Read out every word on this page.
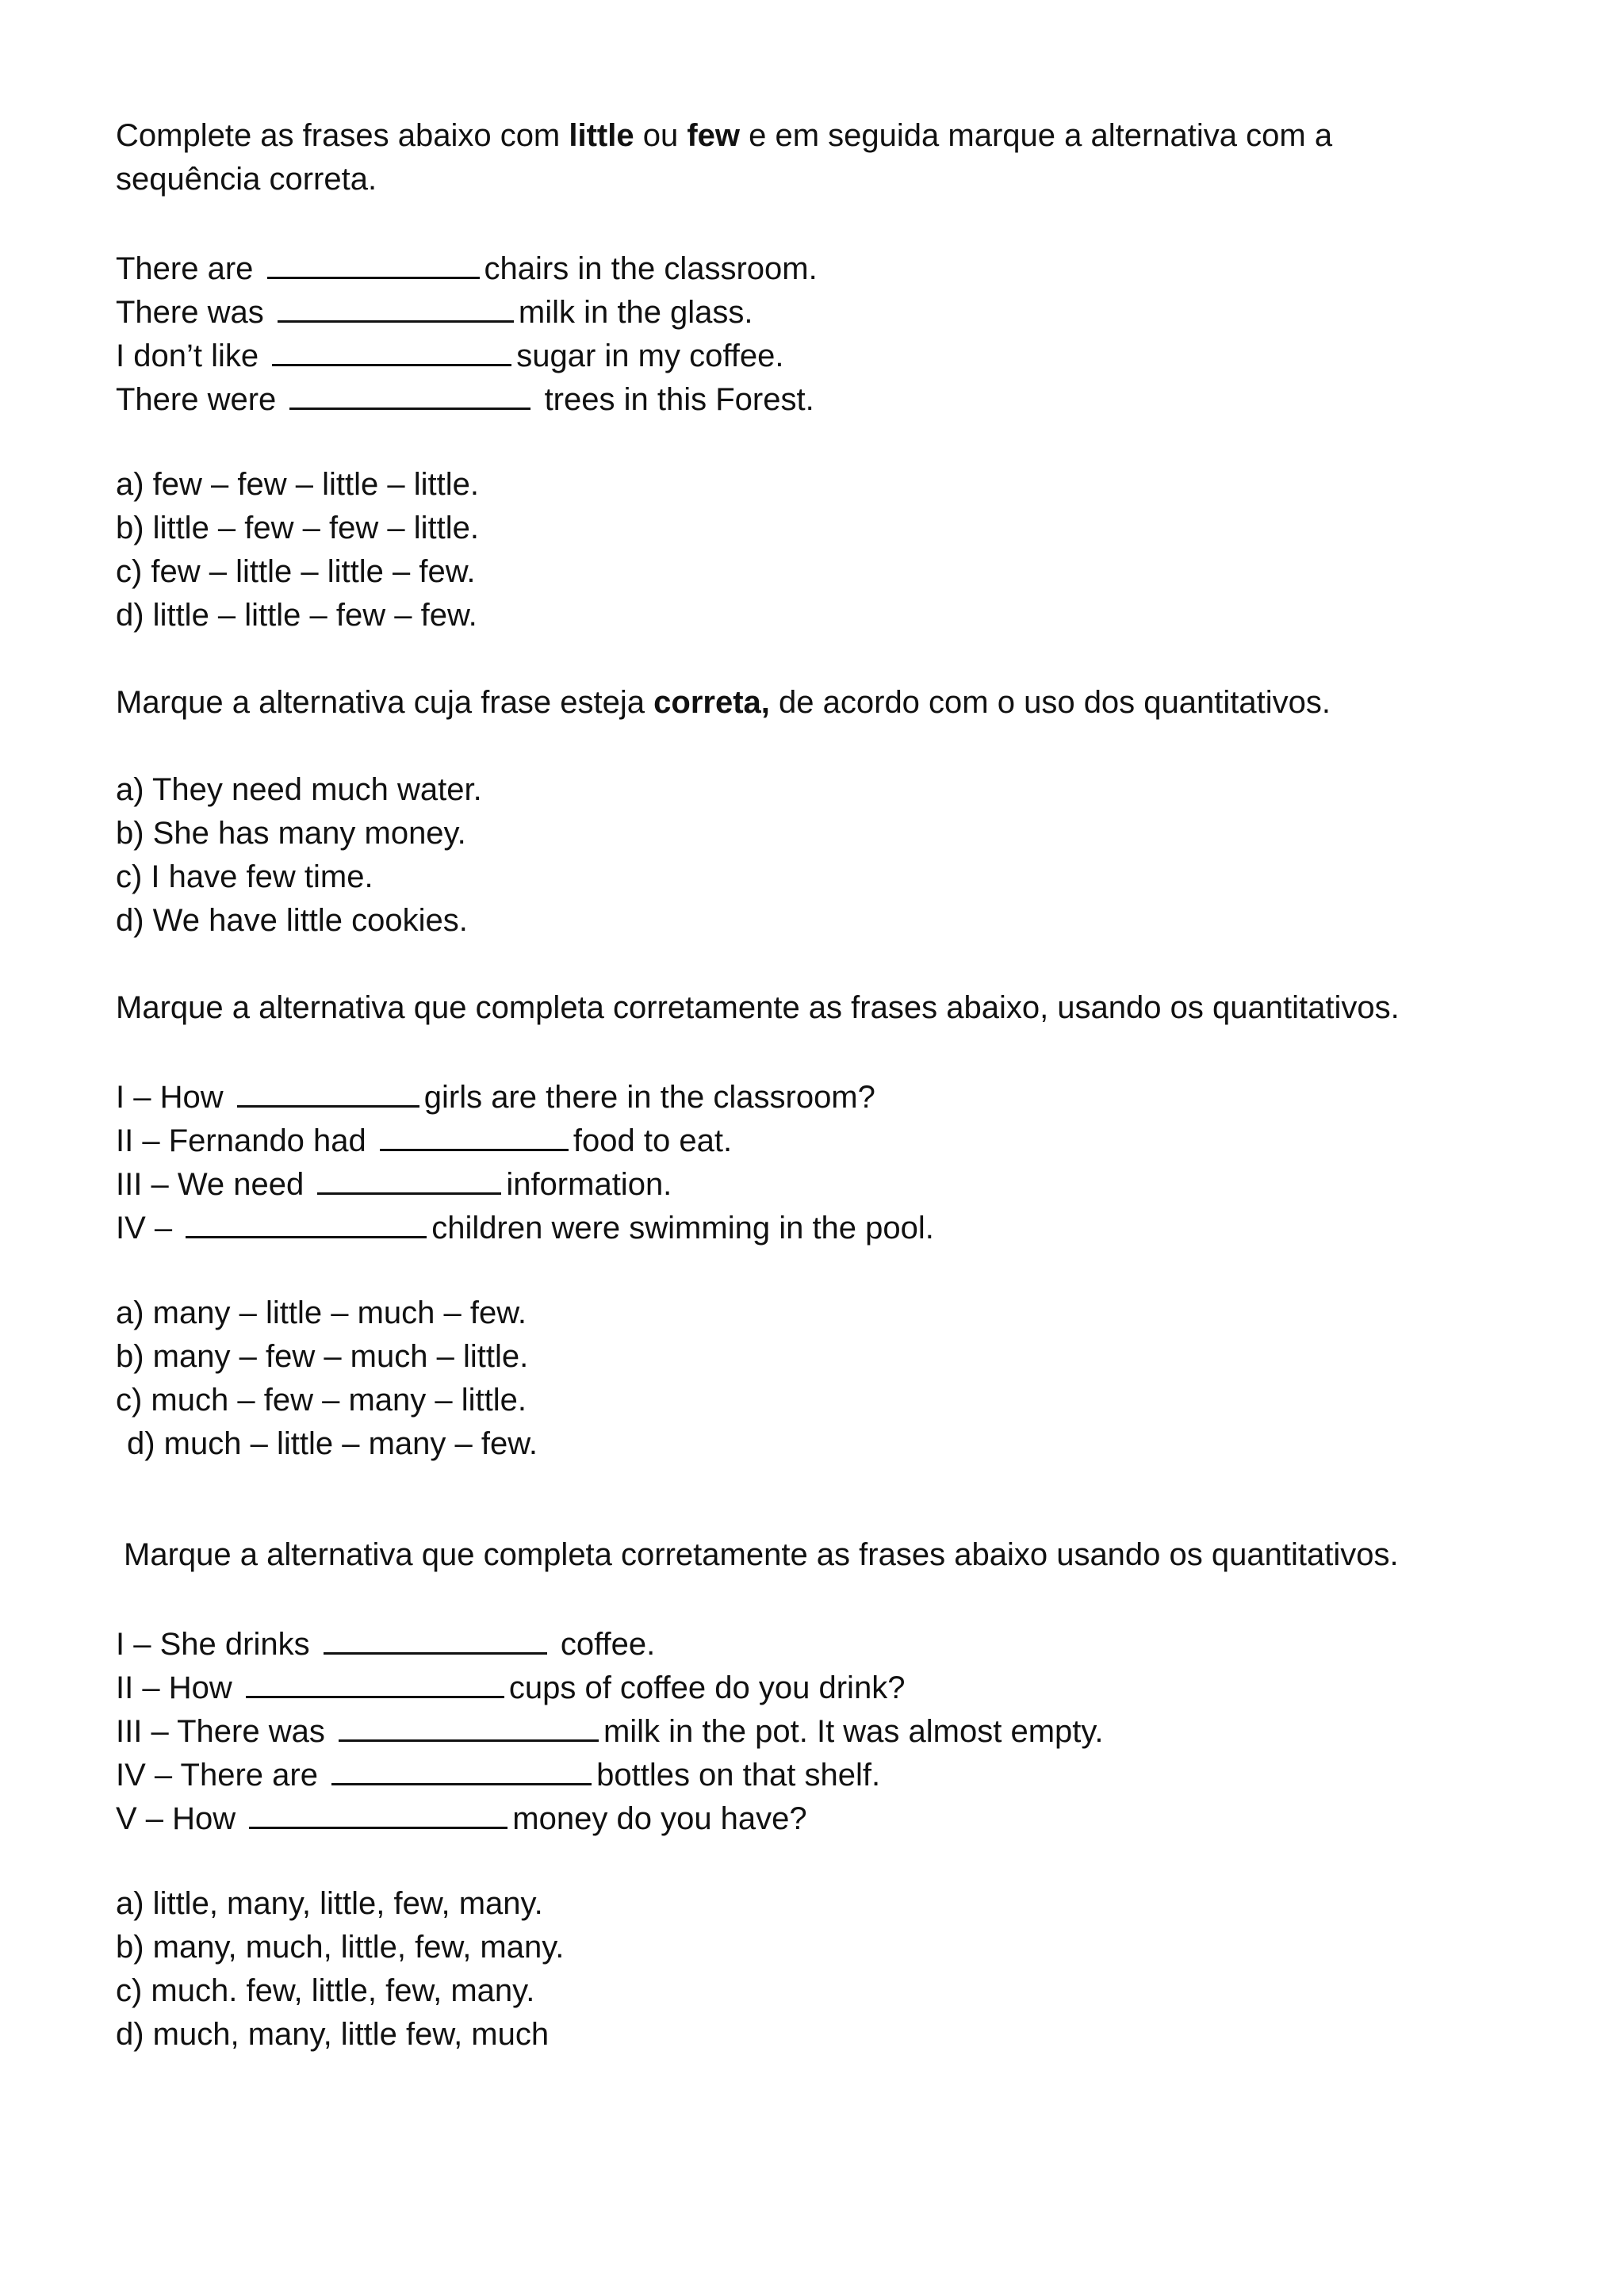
Complete as frases abaixo com little ou few e em seguida marque a alternativa com a
sequência correta.
There are	chairs in the classroom.
There was	milk in the glass.
I don’t like	sugar in my coffee.
There were	trees in this Forest.
a) few – few – little – little.
b) little – few – few – little.
c) few – little – little – few.
d) little – little – few – few.
Marque a alternativa cuja frase esteja correta, de acordo com o uso dos quantitativos.
a) They need much water.
b) She has many money.
c) I have few time.
d) We have little cookies.
Marque a alternativa que completa corretamente as frases abaixo, usando os quantitativos.
I – How	girls are there in the classroom?
II – Fernando had	food to eat.
III – We need	information.
IV –	children were swimming in the pool.
a) many – little – much – few.
b) many – few – much – little.
c) much – few – many – little.
d) much – little – many – few.
Marque a alternativa que completa corretamente as frases abaixo usando os quantitativos.
I – She drinks	coffee.
II – How	cups of coffee do you drink?
III – There was	milk in the pot. It was almost empty.
IV – There are	bottles on that shelf.
V – How	money do you have?
a) little, many, little, few, many.
b) many, much, little, few, many.
c) much. few, little, few, many.
d) much, many, little few, much
